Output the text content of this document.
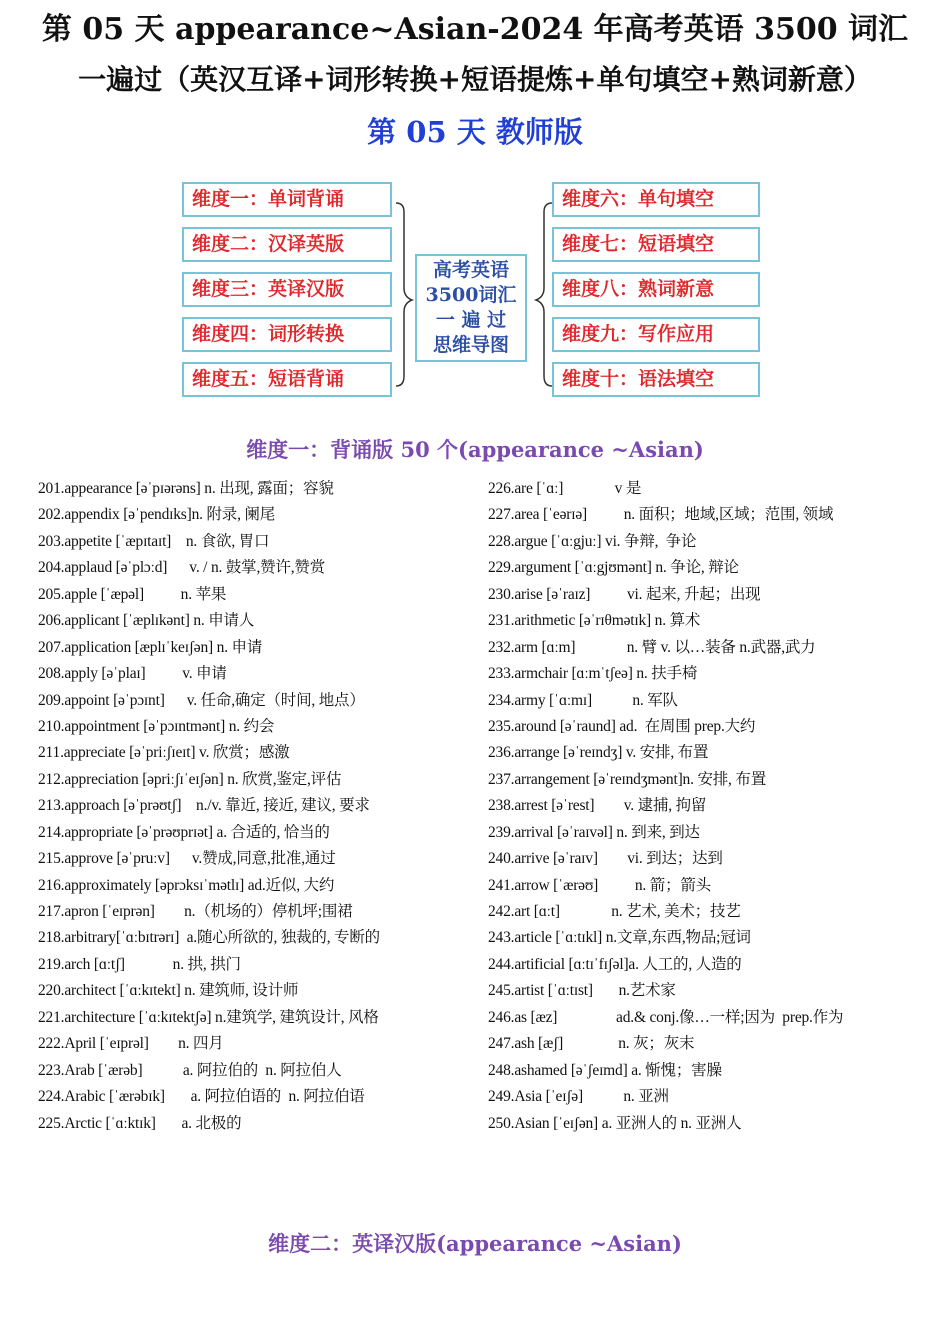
第 05 天 appearance~Asian-2024 年高考英语 3500 词汇
一遍过（英汉互译+词形转换+短语提炼+单句填空+熟词新意）
第 05 天 教师版
维度一：单词背诵
维度二：汉译英版
维度三：英译汉版
维度四：词形转换
维度五：短语背诵
维度六：单句填空
维度七：短语填空
维度八：熟词新意
维度九：写作应用
维度十：语法填空
高考英语
3500词汇
一 遍 过
思维导图
维度一：背诵版 50 个(appearance ~Asian)
201.appearance [əˈpɪərəns] n. 出现, 露面；容貌
202.appendix [əˈpendɪks]n. 附录, 阑尾
203.appetite [ˈæpɪtaɪt]    n. 食欲, 胃口
204.applaud [əˈplɔːd]      v. / n. 鼓掌,赞许,赞赏
205.apple [ˈæpəl]          n. 苹果
206.applicant [ˈæplɪkənt] n. 申请人
207.application [æplɪˈkeɪʃən] n. 申请
208.apply [əˈplaɪ]          v. 申请
209.appoint [əˈpɔɪnt]      v. 任命,确定（时间, 地点）
210.appointment [əˈpɔɪntmənt] n. 约会
211.appreciate [əˈpriːʃɪeɪt] v. 欣赏；感激
212.appreciation [əpriːʃɪˈeɪʃən] n. 欣赏,鉴定,评估
213.approach [əˈprəʊtʃ]    n./v. 靠近, 接近, 建议, 要求
214.appropriate [əˈprəʊprɪət] a. 合适的, 恰当的
215.approve [əˈpruːv]      v.赞成,同意,批准,通过
216.approximately [əprɔksɪˈmətlɪ] ad.近似, 大约
217.apron [ˈeɪprən]        n.（机场的）停机坪;围裙
218.arbitrary[ˈɑːbɪtrərɪ]  a.随心所欲的, 独裁的, 专断的
219.arch [ɑːtʃ]             n. 拱, 拱门
220.architect [ˈɑːkɪtekt] n. 建筑师, 设计师
221.architecture [ˈɑːkɪtektʃə] n.建筑学, 建筑设计, 风格
222.April [ˈeɪprəl]        n. 四月
223.Arab [ˈærəb]           a. 阿拉伯的  n. 阿拉伯人
224.Arabic [ˈærəbɪk]       a. 阿拉伯语的  n. 阿拉伯语
225.Arctic [ˈɑːktɪk]       a. 北极的
226.are [ˈɑː]              v 是
227.area [ˈeərɪə]          n. 面积；地域,区域；范围, 领域
228.argue [ˈɑːgjuː] vi. 争辩,  争论
229.argument [ˈɑːgjʊmənt] n. 争论, 辩论
230.arise [əˈraɪz]          vi. 起来, 升起；出现
231.arithmetic [əˈrɪθmətɪk] n. 算术
232.arm [ɑːm]              n. 臂 v. 以…装备 n.武器,武力
233.armchair [ɑːmˈtʃeə] n. 扶手椅
234.army [ˈɑːmɪ]           n. 军队
235.around [əˈraund] ad.  在周围 prep.大约
236.arrange [əˈreɪndʒ] v. 安排, 布置
237.arrangement [əˈreɪndʒmənt]n. 安排, 布置
238.arrest [əˈrest]        v. 逮捕, 拘留
239.arrival [əˈraɪvəl] n. 到来, 到达
240.arrive [əˈraɪv]        vi. 到达；达到
241.arrow [ˈærəʊ]          n. 箭；箭头
242.art [ɑːt]              n. 艺术, 美术；技艺
243.article [ˈɑːtɪkl] n.文章,东西,物品;冠词
244.artificial [ɑːtɪˈfɪʃəl]a. 人工的, 人造的
245.artist [ˈɑːtɪst]       n.艺术家
246.as [æz]                ad.& conj.像…一样;因为  prep.作为
247.ash [æʃ]               n. 灰；灰末
248.ashamed [əˈʃeɪmd] a. 惭愧；害臊
249.Asia [ˈeɪʃə]           n. 亚洲
250.Asian [ˈeɪʃən] a. 亚洲人的 n. 亚洲人
维度二：英译汉版(appearance ~Asian)
